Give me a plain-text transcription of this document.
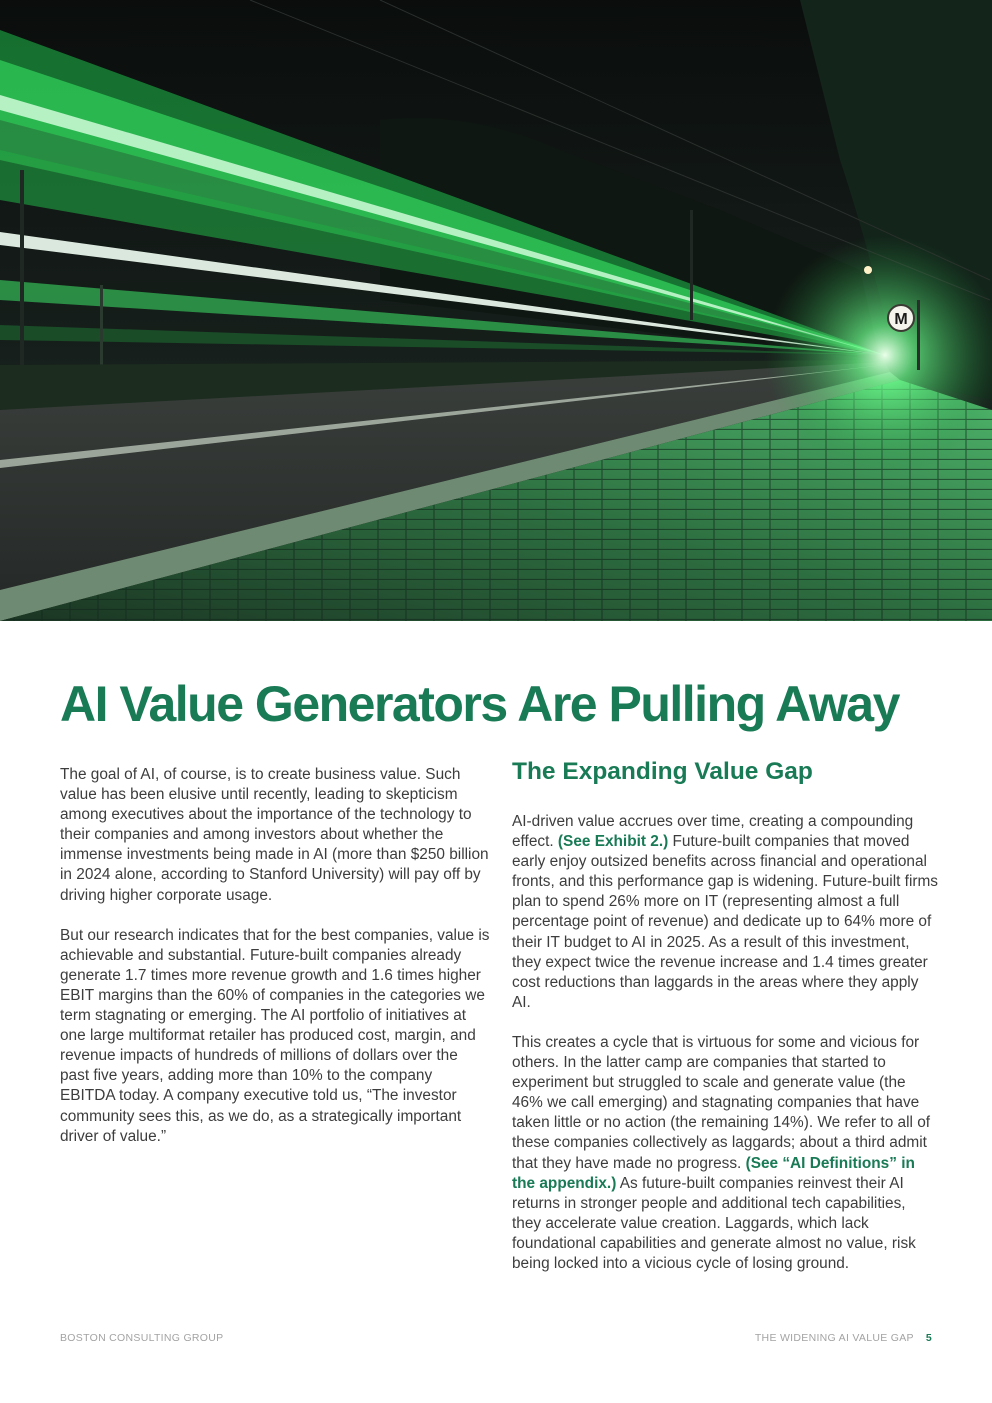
M
AI Value Generators Are Pulling Away

The goal of AI, of course, is to create business value. Such value has been elusive until recently, leading to skepticism among executives about the importance of the technology to their companies and among investors about whether the immense investments being made in AI (more than $250 billion in 2024 alone, according to Stanford University) will pay off by driving higher corporate usage.

But our research indicates that for the best companies, value is achievable and substantial. Future-built companies already generate 1.7 times more revenue growth and 1.6 times higher EBIT margins than the 60% of companies in the categories we term stagnating or emerging. The AI portfolio of initiatives at one large multiformat retailer has produced cost, margin, and revenue impacts of hundreds of millions of dollars over the past five years, adding more than 10% to the company EBITDA today. A company executive told us, “The investor community sees this, as we do, as a strategically important driver of value.”

The Expanding Value Gap

AI-driven value accrues over time, creating a compounding effect. (See Exhibit 2.) Future-built companies that moved early enjoy outsized benefits across financial and operational fronts, and this performance gap is widening. Future-built firms plan to spend 26% more on IT (representing almost a full percentage point of revenue) and dedicate up to 64% more of their IT budget to AI in 2025. As a result of this investment, they expect twice the revenue increase and 1.4 times greater cost reductions than laggards in the areas where they apply AI.

This creates a cycle that is virtuous for some and vicious for others. In the latter camp are companies that started to experiment but struggled to scale and generate value (the 46% we call emerging) and stagnating companies that have taken little or no action (the remaining 14%). We refer to all of these companies collectively as laggards; about a third admit that they have made no progress. (See “AI Definitions” in the appendix.) As future-built companies reinvest their AI returns in stronger people and additional tech capabilities, they accelerate value creation. Laggards, which lack foundational capabilities and generate almost no value, risk being locked into a vicious cycle of losing ground.

BOSTON CONSULTING GROUP	THE WIDENING AI VALUE GAP 5
